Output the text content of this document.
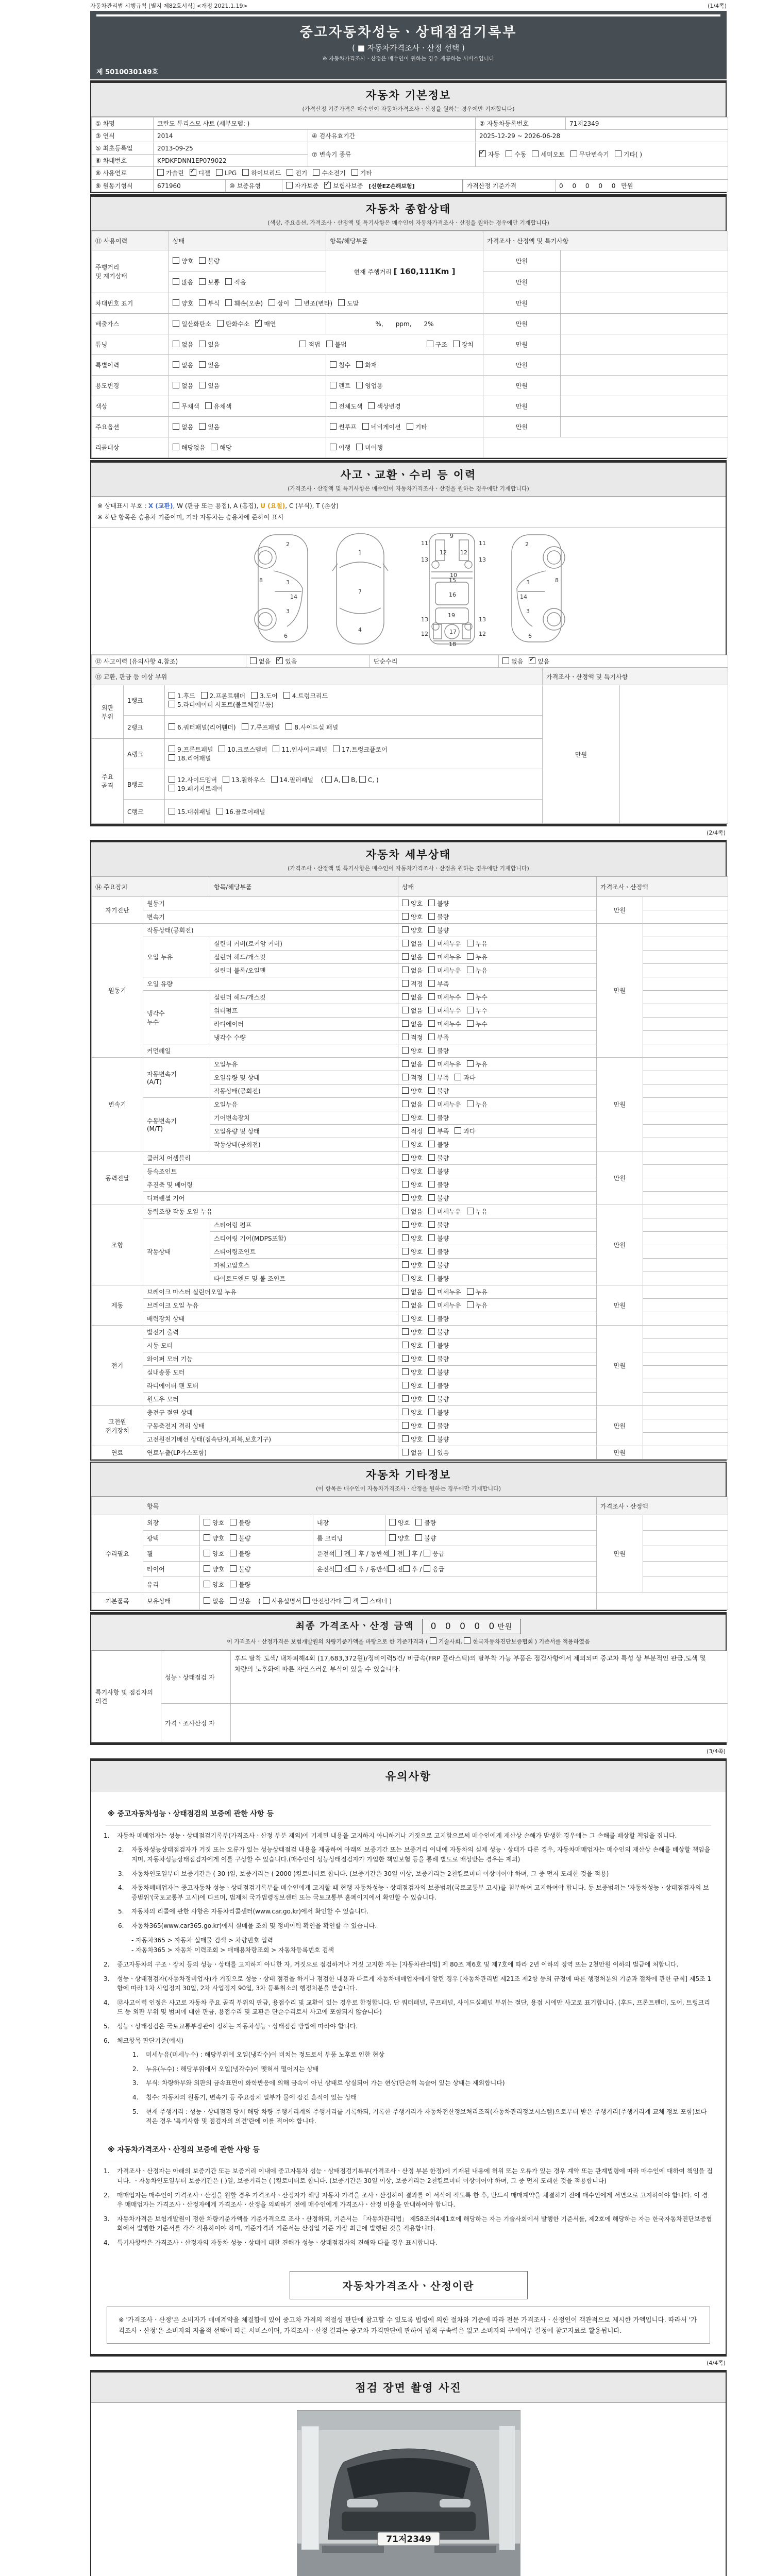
자동차관리법 시행규칙 [별지 제82호서식] <개정 2021.1.19>	(1/4쪽)
중고자동차성능ㆍ상태점검기록부
( ■ 자동차가격조사ㆍ산정 선택 )
※ 자동차가격조사ㆍ산정은 매수인이 원하는 경우 제공하는 서비스입니다
제 5010030149호
자동차 기본정보
(가격산정 기준가격은 매수인이 자동차가격조사ㆍ산정을 원하는 경우에만 기재합니다)
① 차명	코란도 투리스모 샤토 (세부모델: )		② 자동차등록번호	71저2349
③ 연식	2014	④ 검사유효기간	2025-12-29 ~ 2026-06-28	
⑤ 최초등록일	2013-09-25	⑦ 변속기 종류	✓자동 수동 세미오토 무단변속기 기타( )
⑥ 차대번호	KPDKFDNN1EP079022			
⑧ 사용연료	가솔린 ✓ 디젤 LPG 하이브리드 전기 수소전기 기타
⑨ 원동기형식	671960	⑩ 보증유형	자가보증 ✓ 보험사보증 [신한EZ손해보험]	가격산정 기준가격	0 0 0 0 0 만원
자동차 종합상태
(색상, 주요옵션, 가격조사ㆍ산정액 및 특기사항은 매수인이 자동차가격조사ㆍ산정을 원하는 경우에만 기재합니다)
⑪ 사용이력	상태	항목/해당부품	가격조사ㆍ산정액 및 특기사항	
주행거리
및 계기상태	양호 불량	현재 주행거리 [ 160,111Km ]	만원	
	많음 보통 적음		만원	
차대번호 표기	양호 부식 훼손(오손) 상이 변조(변타) 도말		만원	
배출가스	일산화탄소 탄화수소 ✓ 매연	%,　　ppm,　　2%	만원	
튜닝	없음 있음 적법 불법 구조 장치		만원	
특별이력	없음 있음	침수 화재	만원	
용도변경	없음 있음	렌트 영업용	만원	
색상	무채색 유채색	전체도색 색상변경	만원	
주요옵션	없음 있음	썬루프 네비게이션 기타	만원	
리콜대상	해당없음 해당	이행 미이행		
사고ㆍ교환ㆍ수리 등 이력
(가격조사ㆍ산정액 및 특기사항은 매수인이 자동차가격조사ㆍ산정을 원하는 경우에만 기재합니다)
※ 상태표시 부호 : X (교환), W (판금 또는 용접), A (흠집), U (요철), C (부식), T (손상)
※ 하단 항목은 승용차 기준이며, 기타 자동차는 승용차에 준하여 표시
2
8	3
14
3
6
1
7
4
9
11	11
13	13
12 12
10
15
16
19
13	13
12	12
17
18
2
8
3
14
3
6
⑫ 사고이력 (유의사항 4.참조)	없음 ✓ 있음	단순수리	없음 ✓ 있음
⑬ 교환, 판금 등 이상 부위			가격조사ㆍ산정액 및 특기사항	
외판
부위	1랭크	1.후드 2.프론트휀더 3.도어 4.트렁크리드
5.라디에이터 서포트(볼트체결부품)	만원	
	2랭크	6.쿼터패널(리어휀더) 7.루프패널 8.사이드실 패널		
주요
골격	A랭크	9.프론트패널 10.크로스멤버 11.인사이드패널 17.트렁크플로어
18.리어패널		
	B랭크	12.사이드멤버 13.휠하우스 14.필러패널 ( A, B, C, )
19.패키지트레이		
	C랭크	15.대쉬패널 16.플로어패널		
(2/4쪽)
자동차 세부상태
(가격조사ㆍ산정액 및 특기사항은 매수인이 자동차가격조사ㆍ산정을 원하는 경우에만 기재합니다)
⑭ 주요장치		항목/해당부품	상태	가격조사ㆍ산정액	
자기진단	원동기		양호 불량	만원	
	변속기		양호 불량		
원동기	작동상태(공회전)		양호 불량	만원	
	오일 누유	실린더 커버(로커암 커버)	없음 미세누유 누유		
		실린더 헤드/개스킷	없음 미세누유 누유		
		실린더 블록/오일팬	없음 미세누유 누유		
	오일 유량		적정 부족		
	냉각수
누수	실린더 헤드/개스킷	없음 미세누수 누수		
		워터펌프	없음 미세누수 누수		
		라디에이터	없음 미세누수 누수		
		냉각수 수량	적정 부족		
	커먼레일		양호 불량		
변속기	자동변속기
(A/T)	오일누유	없음 미세누유 누유	만원	
		오일유량 및 상태	적정 부족 과다		
		작동상태(공회전)	양호 불량		
	수동변속기
(M/T)	오일누유	없음 미세누유 누유		
		기어변속장치	양호 불량		
		오일유량 및 상태	적정 부족 과다		
		작동상태(공회전)	양호 불량		
동력전달	클러치 어셈블리		양호 불량	만원	
	등속조인트		양호 불량		
	추진축 및 베어링		양호 불량		
	디퍼렌셜 기어		양호 불량		
조향	동력조향 작동 오일 누유		없음 미세누유 누유	만원	
	작동상태	스티어링 펌프	양호 불량		
		스티어링 기어(MDPS포함)	양호 불량		
		스티어링조인트	양호 불량		
		파워고압호스	양호 불량		
		타이로드엔드 및 볼 조인트	양호 불량		
제동	브레이크 마스터 실린더오일 누유		없음 미세누유 누유	만원	
	브레이크 오일 누유		없음 미세누유 누유		
	배력장치 상태		양호 불량		
전기	발전기 출력		양호 불량	만원	
	시동 모터		양호 불량		
	와이퍼 모터 기능		양호 불량		
	실내송풍 모터		양호 불량		
	라디에이터 팬 모터		양호 불량		
	윈도우 모터		양호 불량		
고전원
전기장치	충전구 절연 상태		양호 불량	만원	
	구동축전지 격리 상태		양호 불량		
	고전원전기배선 상태(접속단자,피복,보호기구)		양호 불량		
연료	연료누출(LP가스포함)		없음 있음	만원	
자동차 기타정보
(이 항목은 매수인이 자동차가격조사ㆍ산정을 원하는 경우에만 기재합니다)
	항목				가격조사ㆍ산정액	
수리필요	외장	양호 불량	내장	양호 불량	만원	
	광택	양호 불량	룸 크리닝	양호 불량		
	휠	양호 불량	운전석 전 후 / 동반석 전 후 / 응급			
	타이어	양호 불량	운전석 전 후 / 동반석 전 후 / 응급			
	유리	양호 불량				
기본품목	보유상태	없음 있음 ( 사용설명서 안전삼각대 잭 스패너 )				
최종 가격조사ㆍ산정 금액 0 0 0 0 0만원
이 가격조사ㆍ산정가격은 보험개발원의 차량기준가액을 바탕으로 한 기준가격과 ( 기술사회, 한국자동차진단보증협회 ) 기준서를 적용하였음
특기사항 및 점검자의 의견	성능ㆍ상태점검 자	후드 탈착 도색/ 내차피해4회 (17,683,372원)/정비이력5건/ 비금속(FRP 플라스틱)의 탈부착 가능 부품은 점검사항에서 제외되며 중고차 특성 상 부분적인 판금,도색 및 차량의 노후화에 따른 자연스러운 부식이 있을 수 있습니다.
	가격ㆍ조사산정 자	
(3/4쪽)
유의사항
※ 중고자동차성능ㆍ상태점검의 보증에 관한 사항 등
1.	자동차 매매업자는 성능ㆍ상태점검기록부(가격조사ㆍ산정 부분 제외)에 기재된 내용을 고지하지 아니하거나 거짓으로 고지함으로써 매수인에게 재산상 손해가 발생한 경우에는 그 손해를 배상할 책임을 집니다.
2.	자동차성능상태점검자가 거짓 또는 오류가 있는 성능상태점검 내용을 제공하여 아래의 보증기간 또는 보증거리 이내에 자동차의 실제 성능ㆍ상태가 다른 경우, 자동차매매업자는 매수인의 재산상 손해를 배상할 책임을 지며, 자동차성능상태점검자에게 이를 구상할 수 있습니다.(매수인이 성능상태점검자가 가입한 책임보험 등을 통해 별도로 배상받는 경우는 제외)
3.	자동차인도일부터 보증기간은 ( 30 )일, 보증거리는 ( 2000 )킬로미터로 합니다. (보증기간은 30일 이상, 보증거리는 2천킬로미터 이상이어야 하며, 그 중 먼저 도래한 것을 적용)
4.	자동차매매업자는 중고자동차 성능ㆍ상태점검기록부를 매수인에게 고지할 때 현행 자동차성능ㆍ상태점검자의 보증범위(국토교통부 고시)를 첨부하여 고지하여야 합니다. 동 보증범위는 '자동차성능ㆍ상태점검자의 보증범위'(국토교통부 고시)에 따르며, 법제처 국가법령정보센터 또는 국토교통부 홈페이지에서 확인할 수 있습니다.
5.	자동차의 리콜에 관한 사항은 자동차리콜센터(www.car.go.kr)에서 확인할 수 있습니다.
6.	자동차365(www.car365.go.kr)에서 실매물 조회 및 정비이력 확인을 확인할 수 있습니다.
- 자동차365 > 자동차 실매물 검색 > 차량번호 입력
- 자동차365 > 자동차 이력조회 > 매매용차량조회 > 자동차등록번호 검색
2.	중고자동차의 구조ㆍ장치 등의 성능ㆍ상태를 고지하지 아니한 자, 거짓으로 점검하거나 거짓 고지한 자는 [자동차관리법] 제 80조 제6호 및 제7호에 따라 2년 이하의 징역 또는 2천만원 이하의 벌금에 처합니다.
3.	성능ㆍ상태점검자(자동차정비업자)가 거짓으로 성능ㆍ상태 점검을 하거나 점검한 내용과 다르게 자동차매매업자에게 알린 경우 [자동차관리법 제21조 제2항 등의 규정에 따른 행정처분의 기준과 절차에 관한 규칙] 제5조 1항에 따라 1차 사업정지 30일, 2차 사업정지 90일, 3차 등록취소의 행정처분을 받습니다.
4.	⑫사고이력 인정은 사고로 자동차 주요 골격 부위의 판금, 용접수리 및 교환이 있는 경우로 한정합니다. 단 쿼터패널, 루프패널, 사이드실패널 부위는 절단, 용접 시에만 사고로 표기합니다. (후드, 프론트펜더, 도어, 트렁크리드 등 외판 부위 및 범퍼에 대한 판금, 용접수리 및 교환은 단순수리로서 사고에 포함되지 않습니다)
5.	성능ㆍ상태점검은 국토교통부장관이 정하는 자동차성능ㆍ상태점검 방법에 따라야 합니다.
6.	체크항목 판단기준(예시)
1.	미세누유(미세누수) : 해당부위에 오일(냉각수)이 비치는 정도로서 부품 노후로 인한 현상
2.	누유(누수) : 해당부위에서 오일(냉각수)이 맺혀서 떨어지는 상태
3.	부식: 차량하부와 외판의 금속표면이 화학반응에 의해 금속이 아닌 상태로 상실되어 가는 현상(단순히 녹슬어 있는 상태는 제외합니다)
4.	침수: 자동차의 원동기, 변속기 등 주요장치 일부가 물에 잠긴 흔적이 있는 상태
5.	현재 주행거리 : 성능ㆍ상태점검 당시 해당 차량 주행거리계의 주행거리를 기록하되, 기록한 주행거리가 자동차전산정보처리조직(자동차관리정보시스템)으로부터 받은 주행거리(주행거리계 교체 정보 포함)보다 적은 경우 '특기사항 및 점검자의 의견'란에 이를 적어야 합니다.
※ 자동차가격조사ㆍ산정의 보증에 관한 사항 등
1.	가격조사ㆍ산정자는 아래의 보증기간 또는 보증거리 이내에 중고자동차 성능ㆍ상태점검기록부(가격조사ㆍ산정 부분 한정)에 기재된 내용에 허위 또는 오류가 있는 경우 계약 또는 관계법령에 따라 매수인에 대하여 책임을 집니다. ㆍ자동차인도일부터 보증기간은 ( )일, 보증거리는 ( )킬로미터로 합니다. (보증기간은 30일 이상, 보증거리는 2천킬로미터 이상이어야 하며, 그 중 먼저 도래한 것을 적용합니다)
2.	매매업자는 매수인이 가격조사ㆍ산정을 원할 경우 가격조사ㆍ산정자가 해당 자동차 가격을 조사ㆍ산정하여 결과를 이 서식에 적도록 한 후, 반드시 매매계약을 체결하기 전에 매수인에게 서면으로 고지하여야 합니다. 이 경우 매매업자는 가격조사ㆍ산정자에게 가격조사ㆍ산정을 의뢰하기 전에 매수인에게 가격조사ㆍ산정 비용을 안내하여야 합니다.
3.	자동차가격은 보험개발원이 정한 차량기준가액을 기준가격으로 조사ㆍ산정하되, 기준서는 「자동차관리법」 제58조의4제1호에 해당하는 자는 기술사회에서 발행한 기준서를, 제2호에 해당하는 자는 한국자동차진단보증협회에서 발행한 기준서를 각각 적용하여야 하며, 기준가격과 기준서는 산정일 기준 가장 최근에 발행된 것을 적용합니다.
4.	특기사항란은 가격조사ㆍ산정자의 자동차 성능ㆍ상태에 대한 견해가 성능ㆍ상태점검자의 견해와 다를 경우 표시합니다.
자동차가격조사ㆍ산정이란
※ '가격조사ㆍ산정'은 소비자가 매매계약을 체결함에 있어 중고차 가격의 적절성 판단에 참고할 수 있도록 법령에 의한 절차와 기준에 따라 전문 가격조사ㆍ산정인이 객관적으로 제시한 가액입니다. 따라서 '가격조사ㆍ산정'은 소비자의 자율적 선택에 따른 서비스이며, 가격조사ㆍ산정 결과는 중고차 가격판단에 관하여 법적 구속력은 없고 소비자의 구매여부 결정에 참고자료로 활용됩니다.
(4/4쪽)
점검 장면 촬영 사진
71저2349
